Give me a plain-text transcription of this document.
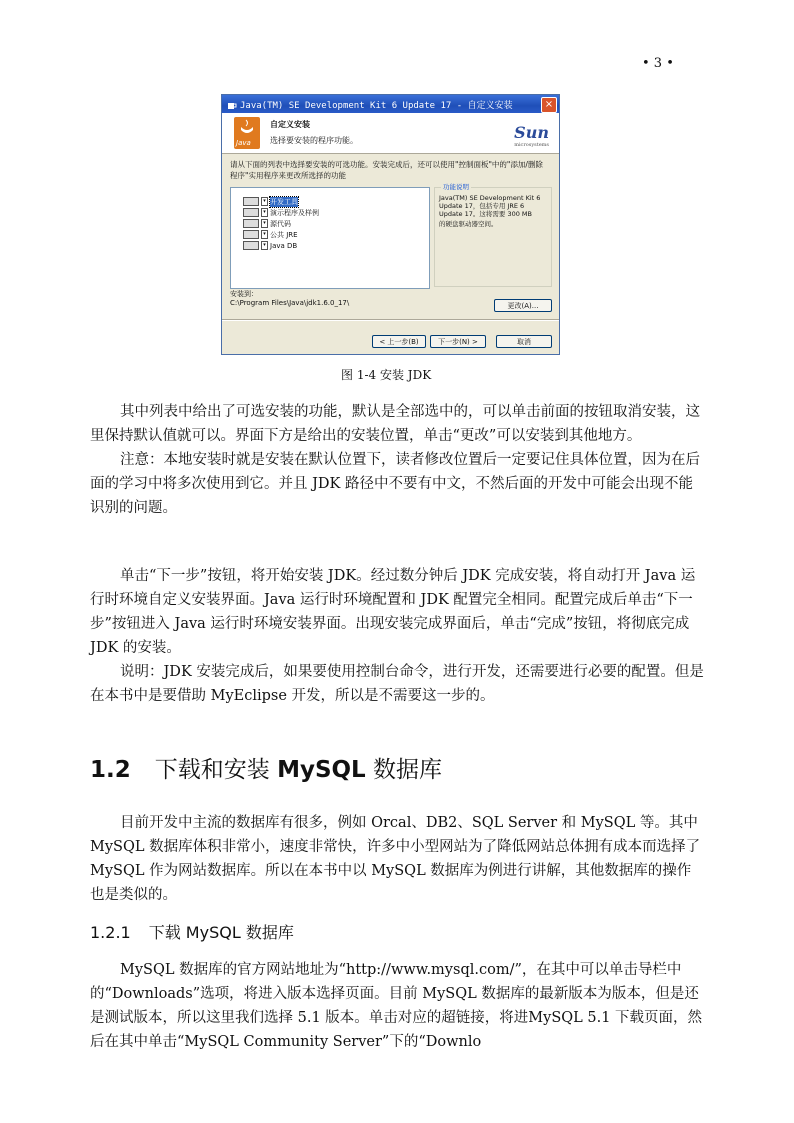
• 3 •
Java(TM) SE Development Kit 6 Update 17 - 自定义安装	×
Java
自定义安装
选择要安装的程序功能。	Sun
microsystems
请从下面的列表中选择要安装的可选功能。安装完成后，还可以使用"控制面板"中的"添加/删除程序"实用程序来更改所选择的功能
▾ 开发工具
▾ 演示程序及样例
▾ 源代码
▾ 公共 JRE
▾ Java DB
功能说明
Java(TM) SE Development Kit 6 Update 17，包括专用 JRE 6 Update 17。这将需要 300 MB
的硬盘驱动器空间。
安装到：
C:\Program Files\Java\jdk1.6.0_17\	更改(A)...
< 上一步(B)	下一步(N) >	取消
图 1-4 安装 JDK

其中列表中给出了可选安装的功能，默认是全部选中的，可以单击前面的按钮取消安装，这里保持默认值就可以。界面下方是给出的安装位置，单击“更改”可以安装到其他地方。

注意：本地安装时就是安装在默认位置下，读者修改位置后一定要记住具体位置，因为在后面的学习中将多次使用到它。并且 JDK 路径中不要有中文，不然后面的开发中可能会出现不能识别的问题。

单击“下一步”按钮，将开始安装 JDK。经过数分钟后 JDK 完成安装，将自动打开 Java 运行时环境自定义安装界面。Java 运行时环境配置和 JDK 配置完全相同。配置完成后单击“下一步”按钮进入 Java 运行时环境安装界面。出现安装完成界面后，单击“完成”按钮，将彻底完成 JDK 的安装。

说明：JDK 安装完成后，如果要使用控制台命令，进行开发，还需要进行必要的配置。但是在本书中是要借助 MyEclipse 开发，所以是不需要这一步的。

1.2 下载和安装 MySQL 数据库

目前开发中主流的数据库有很多，例如 Orcal、DB2、SQL Server 和 MySQL 等。其中 MySQL 数据库体积非常小，速度非常快，许多中小型网站为了降低网站总体拥有成本而选择了 MySQL 作为网站数据库。所以在本书中以 MySQL 数据库为例进行讲解，其他数据库的操作也是类似的。

1.2.1 下载 MySQL 数据库

MySQL 数据库的官方网站地址为“http://www.mysql.com/”，在其中可以单击导栏中的“Downloads”选项，将进入版本选择页面。目前 MySQL 数据库的最新版本为版本，但是还是测试版本，所以这里我们选择 5.1 版本。单击对应的超链接，将进MySQL 5.1 下载页面，然后在其中单击“MySQL Community Server”下的“Downlo
